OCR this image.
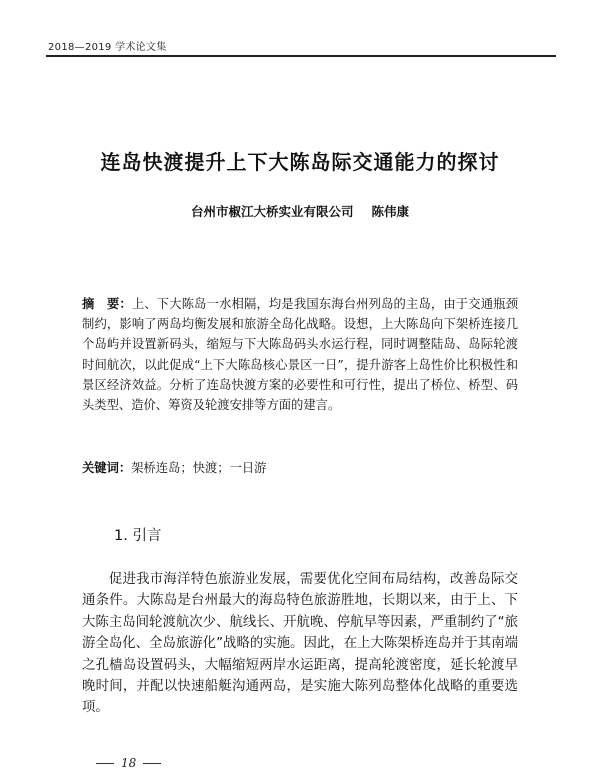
2018—2019 学术论文集
连岛快渡提升上下大陈岛际交通能力的探讨
台州市椒江大桥实业有限公司 陈伟康
摘　要：上、下大陈岛一水相隔，均是我国东海台州列岛的主岛，由于交通瓶颈制约，影响了两岛均衡发展和旅游全岛化战略。设想，上大陈岛向下架桥连接几个岛屿并设置新码头，缩短与下大陈岛码头水运行程，同时调整陆岛、岛际轮渡时间航次，以此促成“上下大陈岛核心景区一日”，提升游客上岛性价比积极性和景区经济效益。分析了连岛快渡方案的必要性和可行性，提出了桥位、桥型、码头类型、造价、筹资及轮渡安排等方面的建言。
关键词：架桥连岛；快渡；一日游
1. 引言

促进我市海洋特色旅游业发展，需要优化空间布局结构，改善岛际交通条件。大陈岛是台州最大的海岛特色旅游胜地，长期以来，由于上、下大陈主岛间轮渡航次少、航线长、开航晚、停航早等因素，严重制约了“旅游全岛化、全岛旅游化”战略的实施。因此，在上大陈架桥连岛并于其南端之孔樯岛设置码头，大幅缩短两岸水运距离，提高轮渡密度，延长轮渡早晚时间，并配以快速船艇沟通两岛，是实施大陈列岛整体化战略的重要选项。

18
